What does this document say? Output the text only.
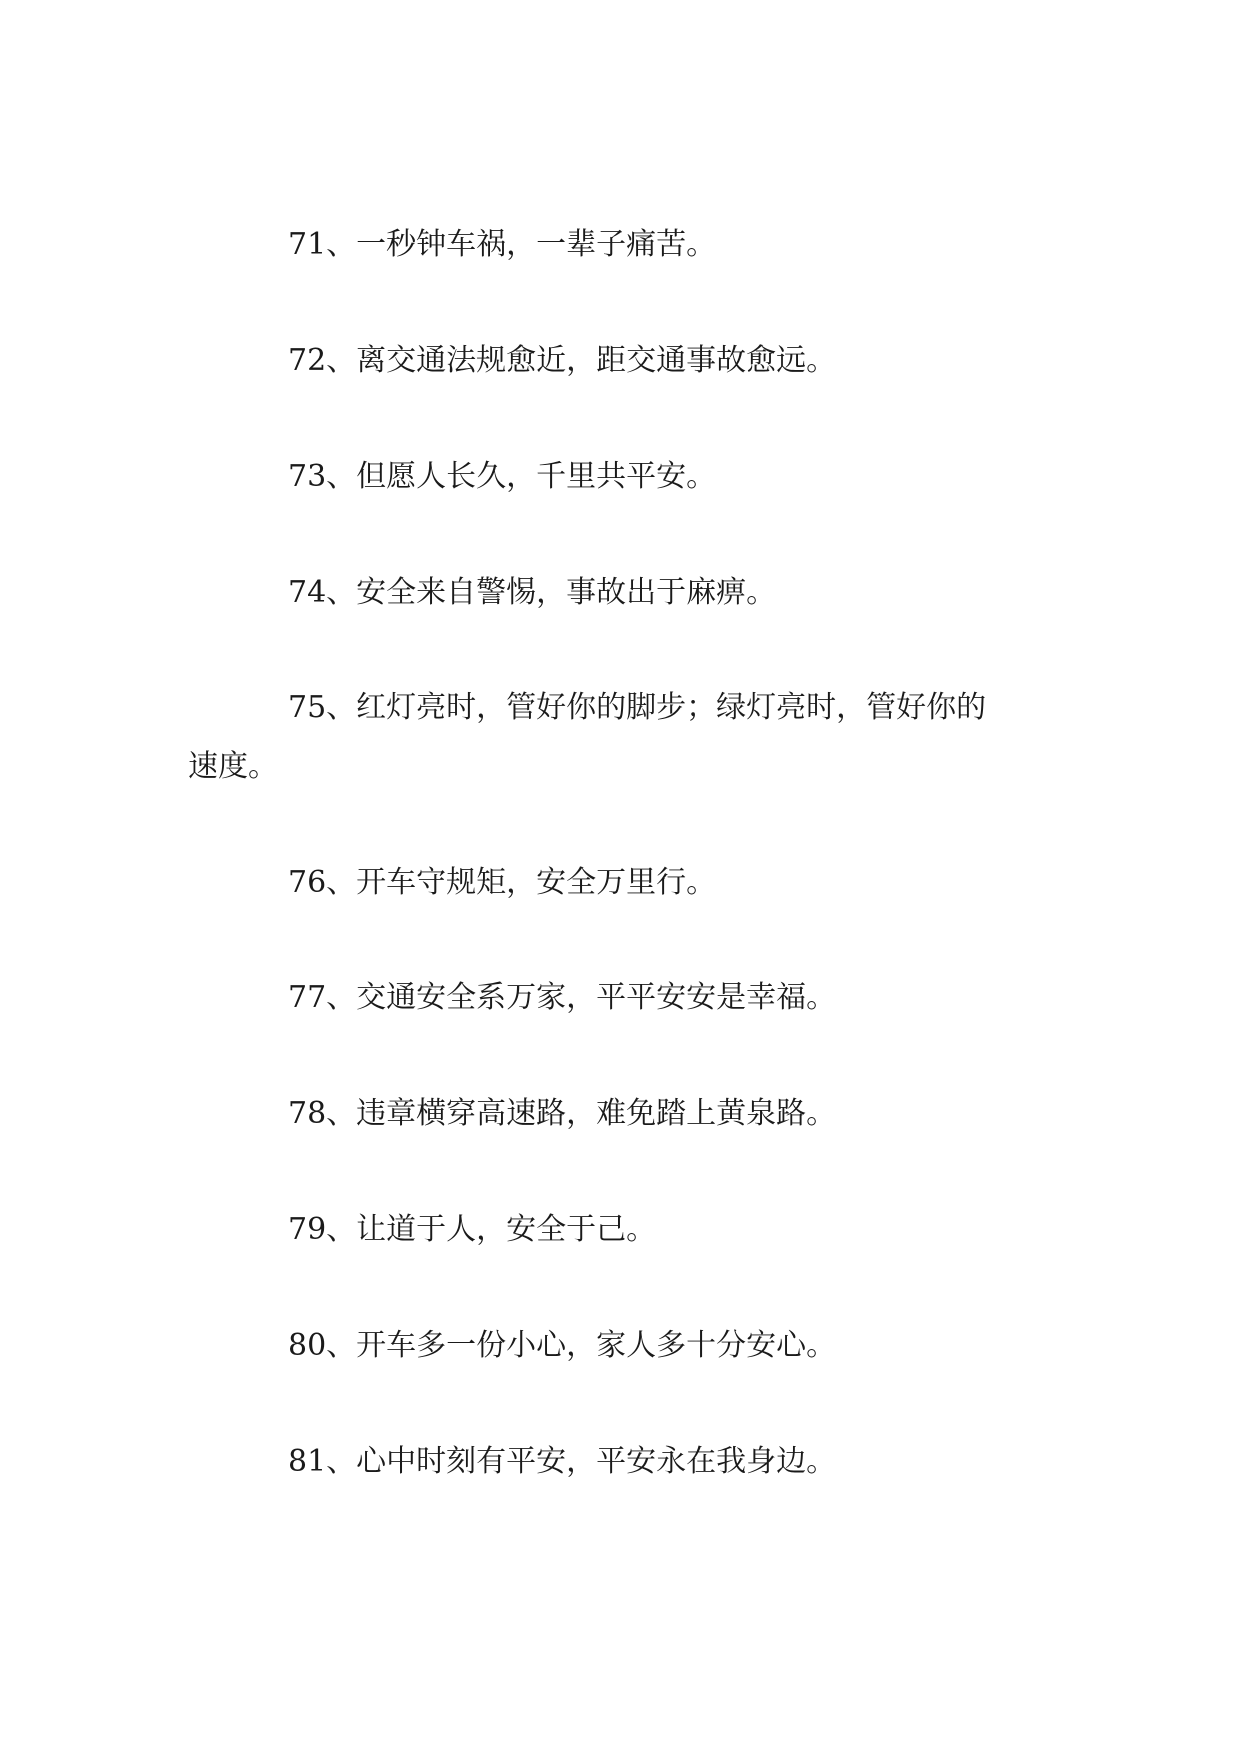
71、一秒钟车祸，一辈子痛苦。
72、离交通法规愈近，距交通事故愈远。
73、但愿人长久，千里共平安。
74、安全来自警惕，事故出于麻痹。
75、红灯亮时，管好你的脚步；绿灯亮时，管好你的
速度。
76、开车守规矩，安全万里行。
77、交通安全系万家，平平安安是幸福。
78、违章横穿高速路，难免踏上黄泉路。
79、让道于人，安全于己。
80、开车多一份小心，家人多十分安心。
81、心中时刻有平安，平安永在我身边。
